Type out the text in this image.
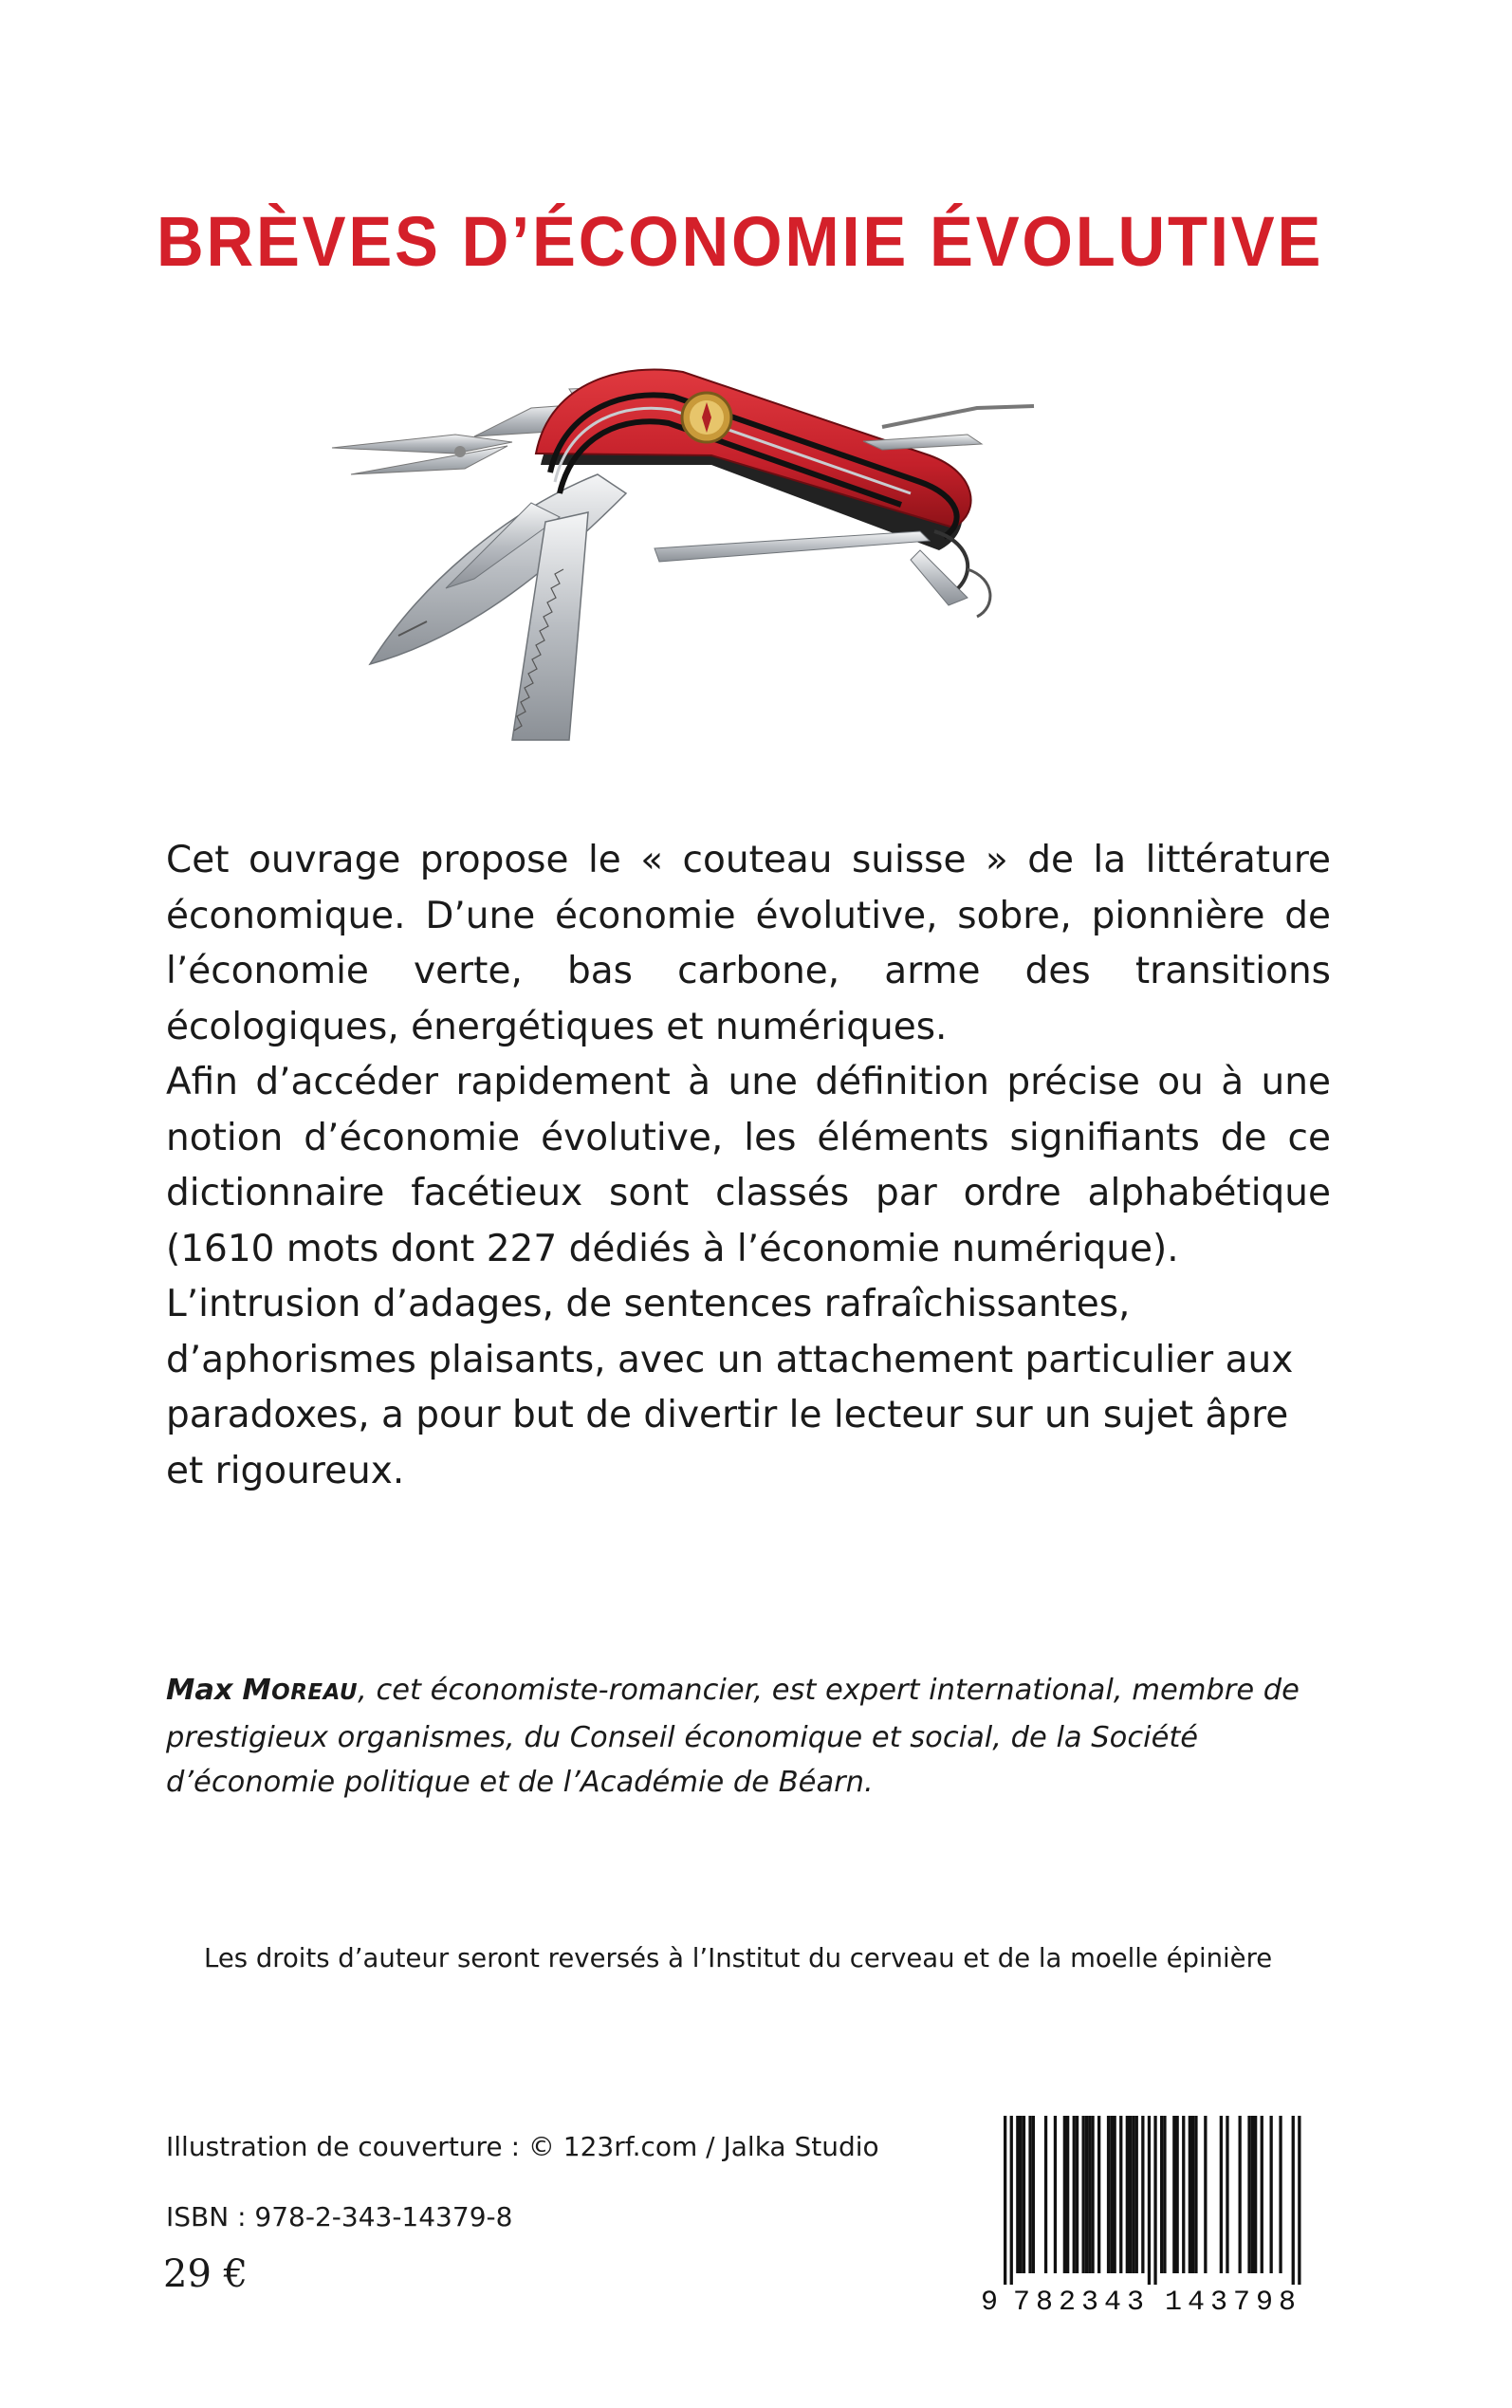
BRÈVES D’ÉCONOMIE ÉVOLUTIVE

Cet ouvrage propose le « couteau suisse » de la littérature économique. D’une économie évolutive, sobre, pionnière de l’économie verte, bas carbone, arme des transitions écologiques, énergétiques et numériques.

Afin d’accéder rapidement à une définition précise ou à une notion d’économie évolutive, les éléments signifiants de ce dictionnaire facétieux sont classés par ordre alphabétique (1610 mots dont 227 dédiés à l’économie numérique).

L’intrusion d’adages, de sentences rafraîchissantes, d’aphorismes plaisants, avec un attachement particulier aux paradoxes, a pour but de divertir le lecteur sur un sujet âpre et rigoureux.

Max MOREAU, cet économiste-romancier, est expert international, membre de prestigieux organismes, du Conseil économique et social, de la Société d’économie politique et de l’Académie de Béarn.
Les droits d’auteur seront reversés à l’Institut du cerveau et de la moelle épinière
Illustration de couverture : © 123rf.com / Jalka Studio
ISBN : 978-2-343-14379-8
29 €
9 782343 143798
